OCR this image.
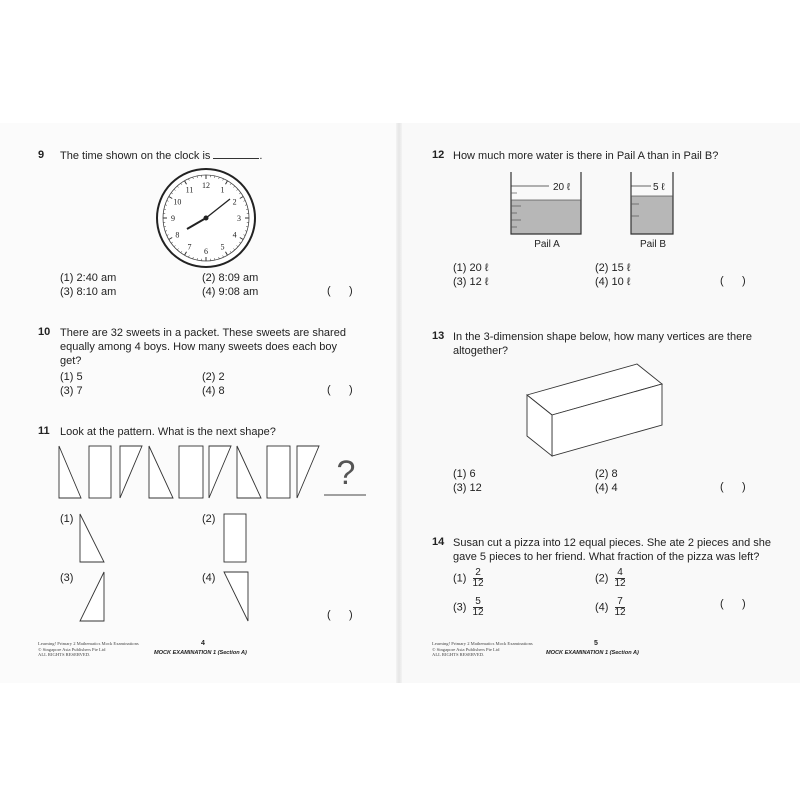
9 The time shown on the clock is	.
12 1
2
3
4
5
6
7
8
9
10
11
(1) 2:40 am	(2) 8:09 am
(3) 8:10 am	(4) 9:08 am	(      )
10 There are 32 sweets in a packet. These sweets are shared
equally among 4 boys. How many sweets does each boy
get?
(1) 5	(2) 2
(3) 7	(4) 8	(      )
11 Look at the pattern. What is the next shape?
?
(1)	(2)
(3)	(4)
(      )
Learning! Primary 2 Mathematics Mock Examinations
© Singapore Asia Publishers Pte Ltd
ALL RIGHTS RESERVED.
4
MOCK EXAMINATION 1 (Section A)
12 How much more water is there in Pail A than in Pail B?
20 ℓ	5 ℓ
Pail A	Pail B
(1) 20 ℓ	(2) 15 ℓ
(3) 12 ℓ	(4) 10 ℓ	(      )
13 In the 3-dimension shape below, how many vertices are there
altogether?
(1) 6	(2) 8
(3) 12	(4) 4	(      )
14 Susan cut a pizza into 12 equal pieces. She ate 2 pieces and she
gave 5 pieces to her friend. What fraction of the pizza was left?
$(1) \frac{2}{12}$	$(2) \frac{4}{12}$
$(3) \frac{5}{12}$	$(4) \frac{7}{12}$	(      )
Learning! Primary 2 Mathematics Mock Examinations
© Singapore Asia Publishers Pte Ltd
ALL RIGHTS RESERVED.
5
MOCK EXAMINATION 1 (Section A)
